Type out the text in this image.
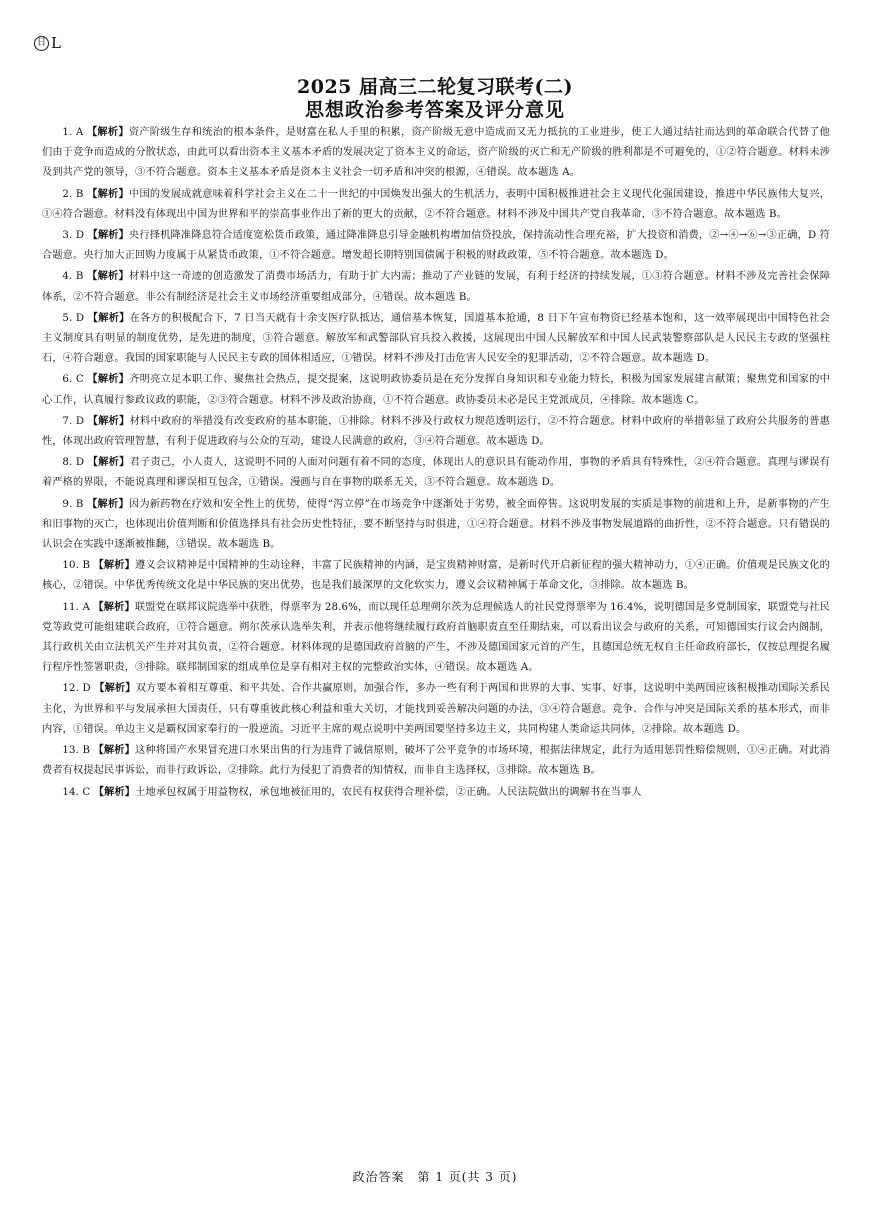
日 L
2025 届高三二轮复习联考(二)
思想政治参考答案及评分意见

1. A 【解析】资产阶级生存和统治的根本条件，是财富在私人手里的积累，资产阶级无意中造成而又无力抵抗的工业进步，使工人通过结社而达到的革命联合代替了他们由于竞争而造成的分散状态，由此可以看出资本主义基本矛盾的发展决定了资本主义的命运，资产阶级的灭亡和无产阶级的胜利都是不可避免的，①②符合题意。材料未涉及到共产党的领导，③不符合题意。资本主义基本矛盾是资本主义社会一切矛盾和冲突的根源，④错误。故本题选 A。

2. B 【解析】中国的发展成就意味着科学社会主义在二十一世纪的中国焕发出强大的生机活力，表明中国积极推进社会主义现代化强国建设，推进中华民族伟大复兴，①④符合题意。材料没有体现出中国为世界和平的崇高事业作出了新的更大的贡献，②不符合题意。材料不涉及中国共产党自我革命，③不符合题意。故本题选 B。

3. D 【解析】央行择机降准降息符合适度宽松货币政策，通过降准降息引导金融机构增加信贷投放，保持流动性合理充裕，扩大投资和消费，②→④→⑥→③正确，D 符合题意。央行加大正回购力度属于从紧货币政策，①不符合题意。增发超长期特别国债属于积极的财政政策，⑤不符合题意。故本题选 D。

4. B 【解析】材料中这一奇迹的创造激发了消费市场活力，有助于扩大内需；推动了产业链的发展，有利于经济的持续发展，①③符合题意。材料不涉及完善社会保障体系，②不符合题意。非公有制经济是社会主义市场经济重要组成部分，④错误。故本题选 B。

5. D 【解析】在各方的积极配合下，7 日当天就有十余支医疗队抵达，通信基本恢复，国道基本抢通，8 日下午宣布物资已经基本饱和，这一效率展现出中国特色社会主义制度具有明显的制度优势，是先进的制度，③符合题意。解放军和武警部队官兵投入救援，这展现出中国人民解放军和中国人民武装警察部队是人民民主专政的坚强柱石，④符合题意。我国的国家职能与人民民主专政的国体相适应，①错误。材料不涉及打击危害人民安全的犯罪活动，②不符合题意。故本题选 D。

6. C 【解析】齐明亮立足本职工作、聚焦社会热点，提交提案，这说明政协委员是在充分发挥自身知识和专业能力特长，积极为国家发展建言献策；聚焦党和国家的中心工作，认真履行参政议政的职能，②③符合题意。材料不涉及政治协商，①不符合题意。政协委员未必是民主党派成员，④排除。故本题选 C。

7. D 【解析】材料中政府的举措没有改变政府的基本职能，①排除。材料不涉及行政权力规范透明运行，②不符合题意。材料中政府的举措彰显了政府公共服务的普惠性，体现出政府管理智慧，有利于促进政府与公众的互动，建设人民满意的政府，③④符合题意。故本题选 D。

8. D 【解析】君子责己，小人责人，这说明不同的人面对问题有着不同的态度，体现出人的意识具有能动作用，事物的矛盾具有特殊性，②④符合题意。真理与谬误有着严格的界限，不能说真理和谬误相互包含，①错误。漫画与自在事物的联系无关，③不符合题意。故本题选 D。

9. B 【解析】因为新药物在疗效和安全性上的优势，使得“泻立停”在市场竞争中逐渐处于劣势，被全面停售。这说明发展的实质是事物的前进和上升，是新事物的产生和旧事物的灭亡，也体现出价值判断和价值选择具有社会历史性特征，要不断坚持与时俱进，①④符合题意。材料不涉及事物发展道路的曲折性，②不符合题意。只有错误的认识会在实践中逐渐被推翻，③错误。故本题选 B。

10. B 【解析】遵义会议精神是中国精神的生动诠释，丰富了民族精神的内涵，是宝贵精神财富，是新时代开启新征程的强大精神动力，①④正确。价值观是民族文化的核心，②错误。中华优秀传统文化是中华民族的突出优势，也是我们最深厚的文化软实力，遵义会议精神属于革命文化，③排除。故本题选 B。

11. A 【解析】联盟党在联邦议院选举中获胜，得票率为 28.6%，而以现任总理朔尔茨为总理候选人的社民党得票率为 16.4%，说明德国是多党制国家，联盟党与社民党等政党可能组建联合政府，①符合题意。朔尔茨承认选举失利，并表示他将继续履行政府首脑职责直至任期结束，可以看出议会与政府的关系，可知德国实行议会内阁制，其行政机关由立法机关产生并对其负责，②符合题意。材料体现的是德国政府首脑的产生，不涉及德国国家元首的产生，且德国总统无权自主任命政府部长，仅按总理提名履行程序性签署职责，③排除。联邦制国家的组成单位是享有相对主权的完整政治实体，④错误。故本题选 A。

12. D 【解析】双方要本着相互尊重、和平共处、合作共赢原则，加强合作，多办一些有利于两国和世界的大事、实事、好事，这说明中美两国应该积极推动国际关系民主化，为世界和平与发展承担大国责任，只有尊重彼此核心利益和重大关切，才能找到妥善解决问题的办法，③④符合题意。竞争、合作与冲突是国际关系的基本形式，而非内容，①错误。单边主义是霸权国家奉行的一股逆流。习近平主席的观点说明中美两国要坚持多边主义，共同构建人类命运共同体，②排除。故本题选 D。

13. B 【解析】这种将国产水果冒充进口水果出售的行为违背了诚信原则，破坏了公平竞争的市场环境，根据法律规定，此行为适用惩罚性赔偿规则，①④正确。对此消费者有权提起民事诉讼，而非行政诉讼，②排除。此行为侵犯了消费者的知情权，而非自主选择权，③排除。故本题选 B。

14. C 【解析】土地承包权属于用益物权，承包地被征用的，农民有权获得合理补偿，②正确。人民法院做出的调解书在当事人

政治答案　第 1 页(共 3 页)
